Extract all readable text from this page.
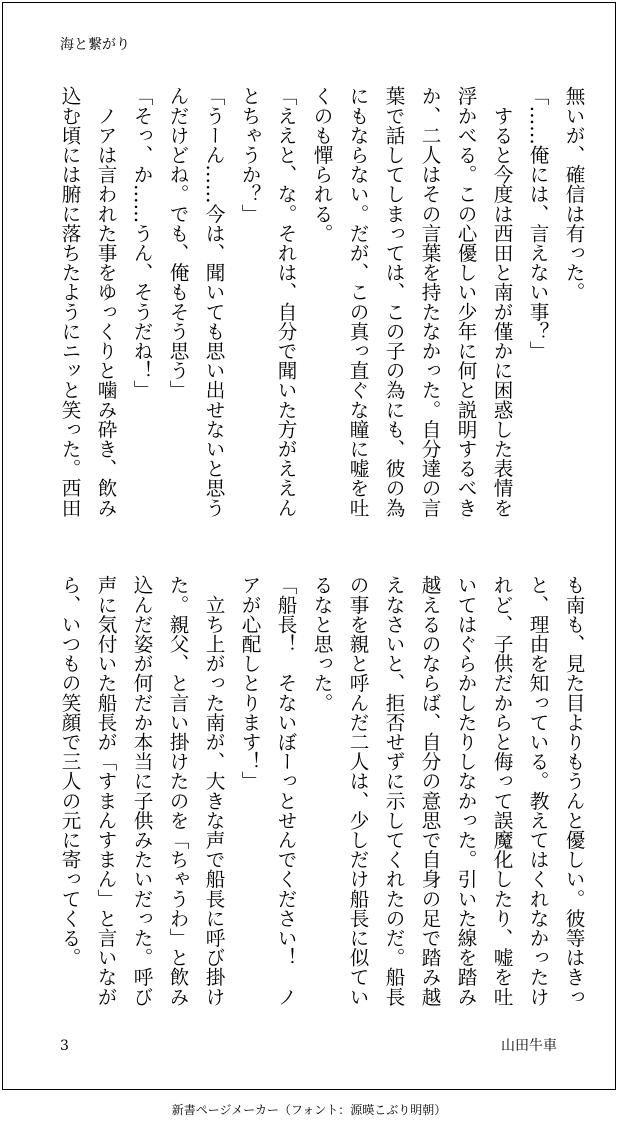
海と繋がり
無いが、確信は有った。
「……俺には、言えない事？」
　すると今度は西田と南が僅かに困惑した表情を
浮かべる。この心優しい少年に何と説明するべき
か、二人はその言葉を持たなかった。自分達の言
葉で話してしまっては、この子の為にも、彼の為
にもならない。だが、この真っ直ぐな瞳に嘘を吐
くのも憚られる。
「ええと、な。それは、自分で聞いた方がええん
とちゃうか？」
「うーん……今は、聞いても思い出せないと思う
んだけどね。でも、俺もそう思う」
「そっ、か……うん、そうだね！」
　ノアは言われた事をゆっくりと噛み砕き、飲み
込む頃には腑に落ちたようにニッと笑った。西田
も南も、見た目よりもうんと優しい。彼等はきっ
と、理由を知っている。教えてはくれなかったけ
れど、子供だからと侮って誤魔化したり、嘘を吐
いてはぐらかしたりしなかった。引いた線を踏み
越えるのならば、自分の意思で自身の足で踏み越
えなさいと、拒否せずに示してくれたのだ。船長
の事を親と呼んだ二人は、少しだけ船長に似てい
るなと思った。
「船長！　そないぼーっとせんでください！　ノ
アが心配しとります！」
　立ち上がった南が、大きな声で船長に呼び掛け
た。親父、と言い掛けたのを「ちゃうわ」と飲み
込んだ姿が何だか本当に子供みたいだった。呼び
声に気付いた船長が「すまんすまん」と言いなが
ら、いつもの笑顔で三人の元に寄ってくる。
3	山田牛車
新書ページメーカー（フォント：源暎こぶり明朝）
